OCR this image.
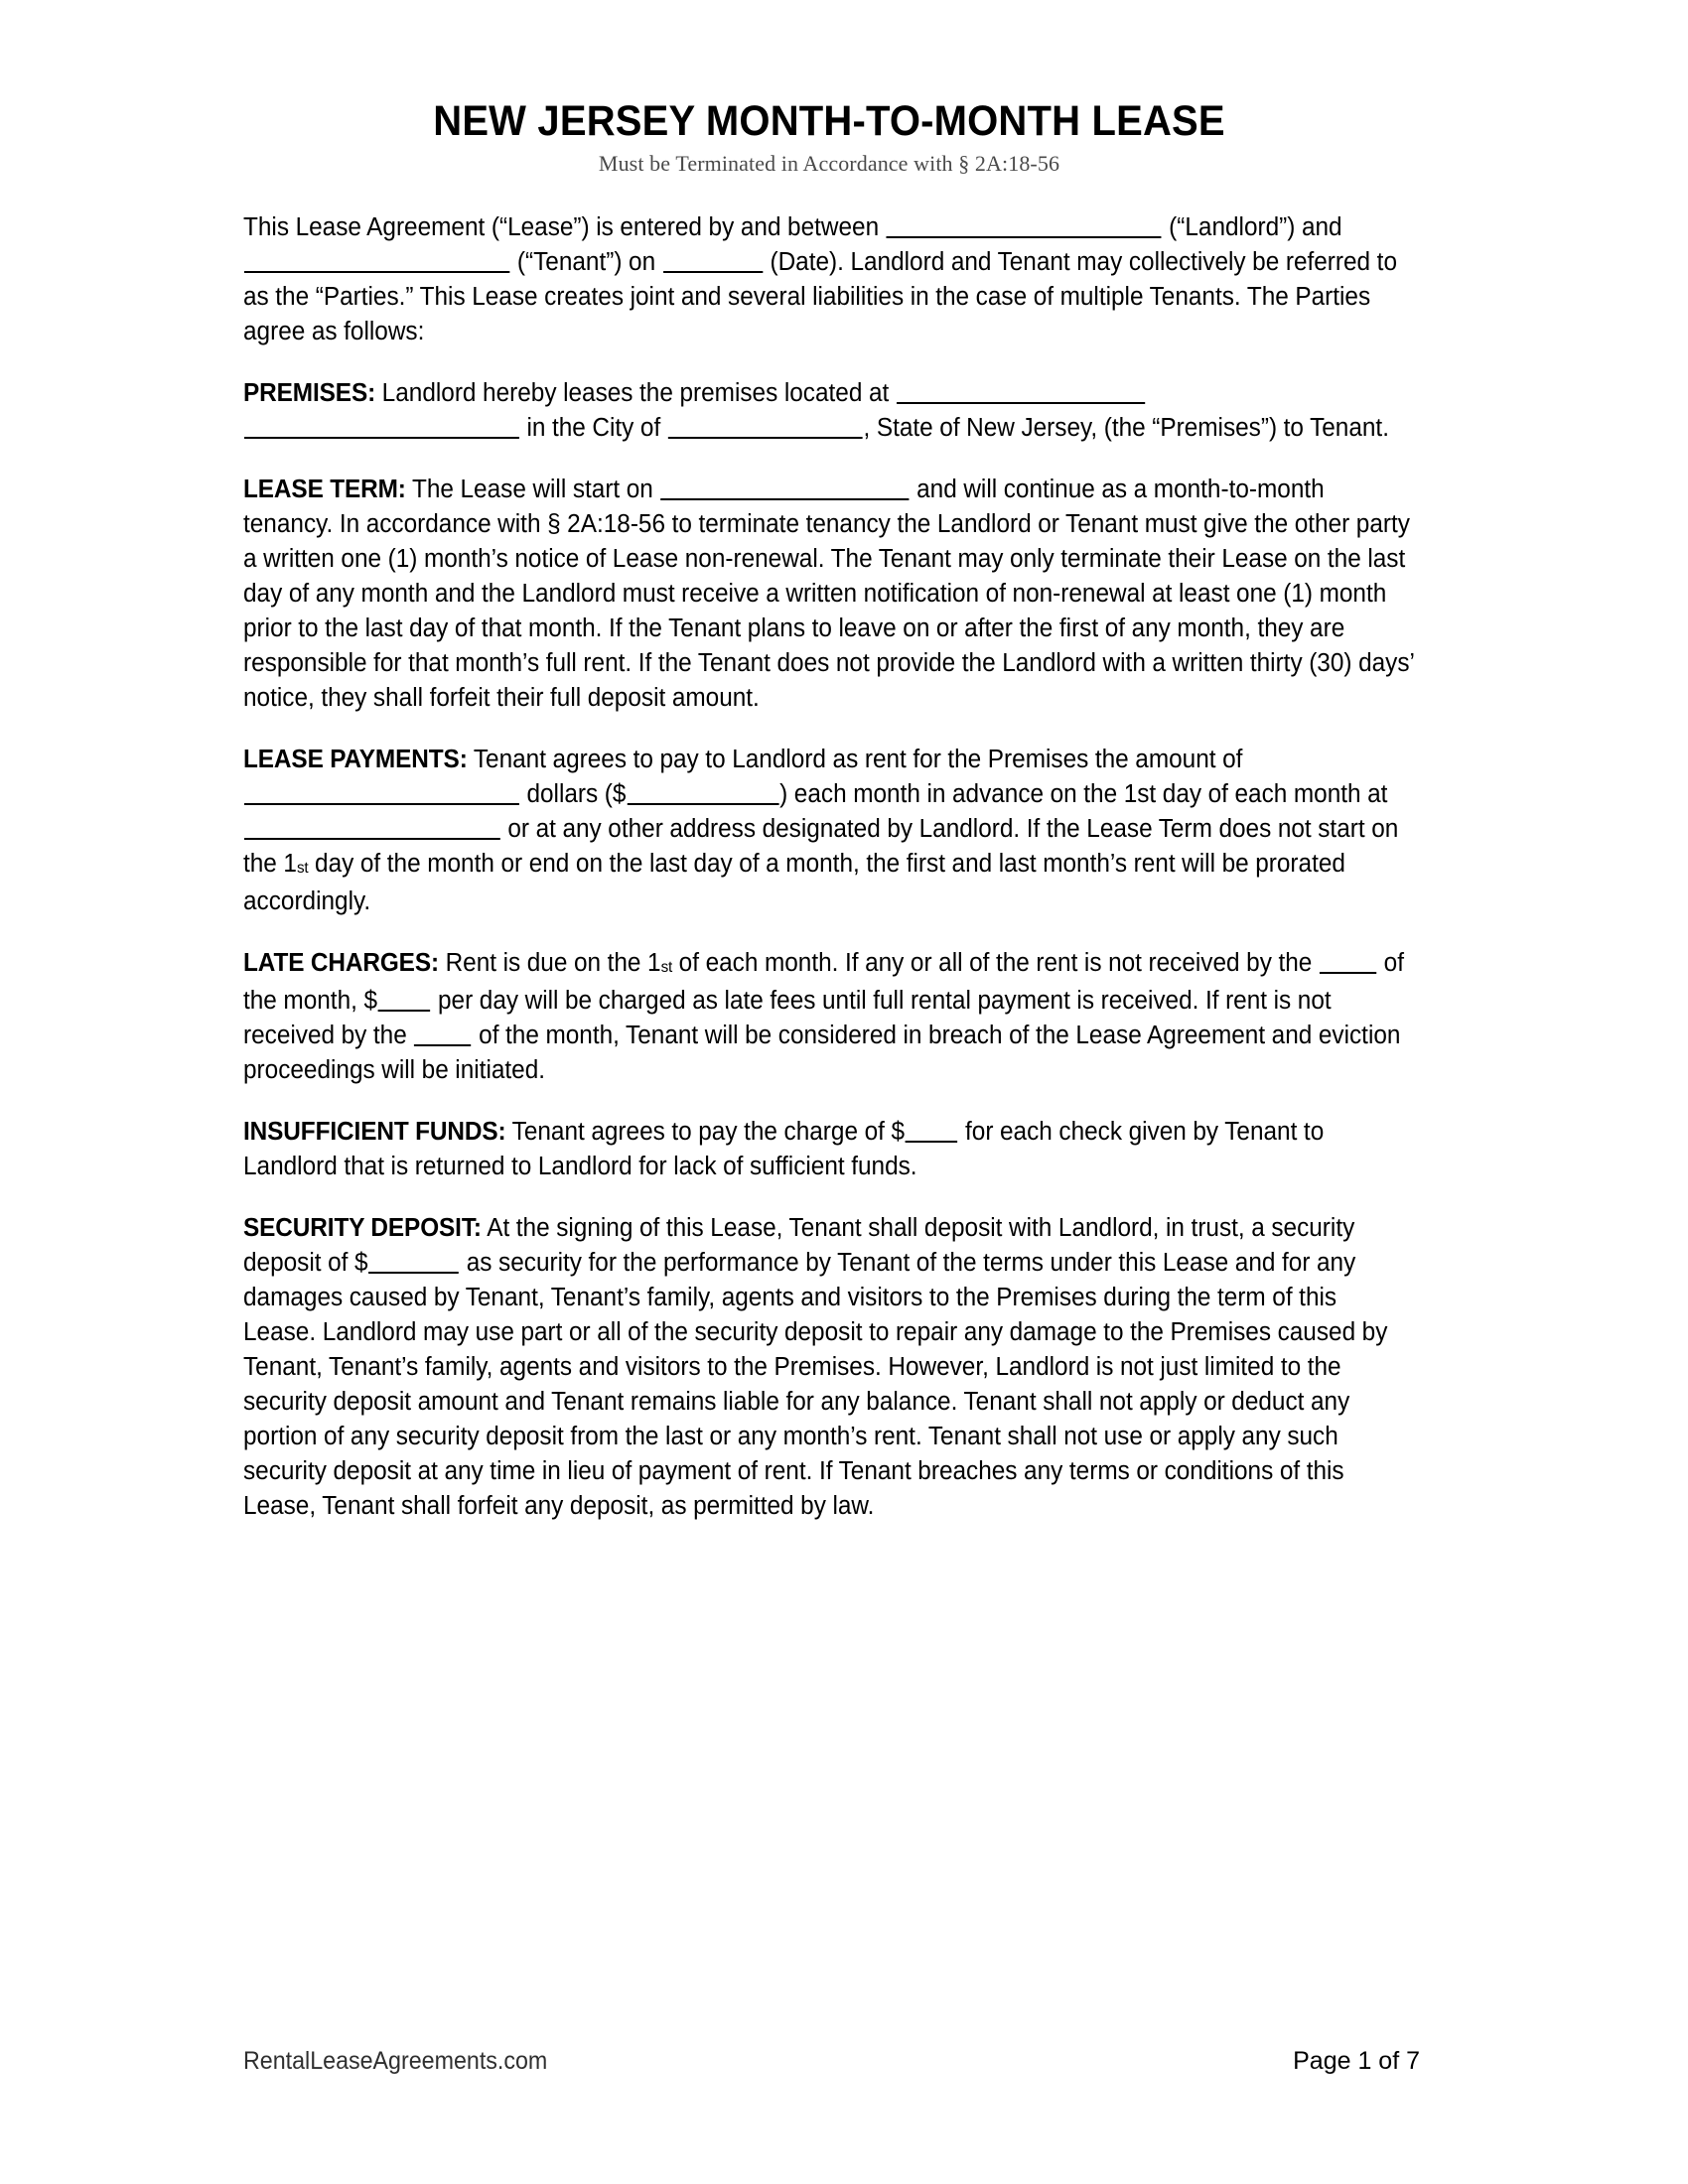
NEW JERSEY MONTH-TO-MONTH LEASE
Must be Terminated in Accordance with § 2A:18-56

This Lease Agreement (“Lease”) is entered by and between	(“Landlord”) and  (“Tenant”) on	(Date). Landlord and Tenant may collectively be referred to as the “Parties.” This Lease creates joint and several liabilities in the case of multiple Tenants. The Parties agree as follows:

PREMISES: Landlord hereby leases the premises located at   in the City of	, State of New Jersey, (the “Premises”) to Tenant.

LEASE TERM: The Lease will start on	and will continue as a month-to-month tenancy. In accordance with § 2A:18-56 to terminate tenancy the Landlord or Tenant must give the other party a written one (1) month’s notice of Lease non-renewal. The Tenant may only terminate their Lease on the last day of any month and the Landlord must receive a written notification of non-renewal at least one (1) month prior to the last day of that month. If the Tenant plans to leave on or after the first of any month, they are responsible for that month’s full rent. If the Tenant does not provide the Landlord with a written thirty (30) days’ notice, they shall forfeit their full deposit amount.

LEASE PAYMENTS: Tenant agrees to pay to Landlord as rent for the Premises the amount of  dollars ($	) each month in advance on the 1st day of each month at  or at any other address designated by Landlord. If the Lease Term does not start on the $1_{st}$ day of the month or end on the last day of a month, the first and last month’s rent will be prorated accordingly.

LATE CHARGES: Rent is due on the $1_{st}$ of each month. If any or all of the rent is not received by the	of the month, $ per day will be charged as late fees until full rental payment is received. If rent is not received by the	of the month, Tenant will be considered in breach of the Lease Agreement and eviction proceedings will be initiated.

INSUFFICIENT FUNDS: Tenant agrees to pay the charge of $ for each check given by Tenant to Landlord that is returned to Landlord for lack of sufficient funds.

SECURITY DEPOSIT: At the signing of this Lease, Tenant shall deposit with Landlord, in trust, a security deposit of $	as security for the performance by Tenant of the terms under this Lease and for any damages caused by Tenant, Tenant’s family, agents and visitors to the Premises during the term of this Lease. Landlord may use part or all of the security deposit to repair any damage to the Premises caused by Tenant, Tenant’s family, agents and visitors to the Premises. However, Landlord is not just limited to the security deposit amount and Tenant remains liable for any balance. Tenant shall not apply or deduct any portion of any security deposit from the last or any month’s rent. Tenant shall not use or apply any such security deposit at any time in lieu of payment of rent. If Tenant breaches any terms or conditions of this Lease, Tenant shall forfeit any deposit, as permitted by law.

RentalLeaseAgreements.com	Page 1 of 7
